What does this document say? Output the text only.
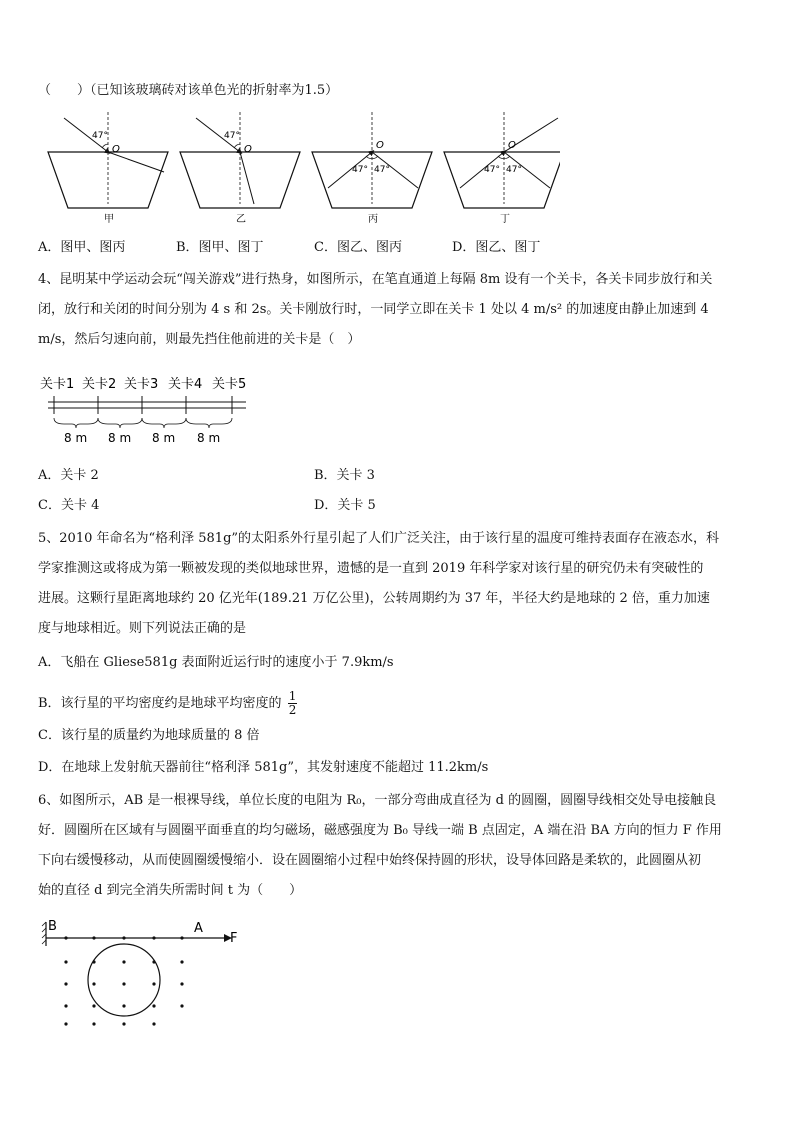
（　　）（已知该玻璃砖对该单色光的折射率为1.5）
47°
O
甲
47°
O
乙
47° 47°
O
丙
47° 47°
O
丁
A．图甲、图丙	B．图甲、图丁	C．图乙、图丙	D．图乙、图丁
4、昆明某中学运动会玩“闯关游戏”进行热身，如图所示，在笔直通道上每隔 8m 设有一个关卡，各关卡同步放行和关
闭，放行和关闭的时间分别为 4 s 和 2s。关卡刚放行时，一同学立即在关卡 1 处以 4 m/s² 的加速度由静止加速到 4
m/s，然后匀速向前，则最先挡住他前进的关卡是（　）
关卡1 关卡2 关卡3 关卡4 关卡5
8 m 8 m 8 m 8 m
A．关卡 2	B．关卡 3
C．关卡 4	D．关卡 5
5、2010 年命名为“格利泽 581g”的太阳系外行星引起了人们广泛关注，由于该行星的温度可维持表面存在液态水，科
学家推测这或将成为第一颗被发现的类似地球世界，遗憾的是一直到 2019 年科学家对该行星的研究仍未有突破性的
进展。这颗行星距离地球约 20 亿光年(189.21 万亿公里)，公转周期约为 37 年，半径大约是地球的 2 倍，重力加速
度与地球相近。则下列说法正确的是
A．飞船在 Gliese581g 表面附近运行时的速度小于 7.9km/s
B．该行星的平均密度约是地球平均密度的 $\frac{1}{2}$
C．该行星的质量约为地球质量的 8 倍
D．在地球上发射航天器前往“格利泽 581g”，其发射速度不能超过 11.2km/s
6、如图所示，AB 是一根裸导线，单位长度的电阻为 R₀，一部分弯曲成直径为 d 的圆圈，圆圈导线相交处导电接触良
好．圆圈所在区域有与圆圈平面垂直的均匀磁场，磁感强度为 B₀ 导线一端 B 点固定，A 端在沿 BA 方向的恒力 F 作用
下向右缓慢移动，从而使圆圈缓慢缩小．设在圆圈缩小过程中始终保持圆的形状，设导体回路是柔软的，此圆圈从初
始的直径 d 到完全消失所需时间 t 为（　　）
B	A
F
